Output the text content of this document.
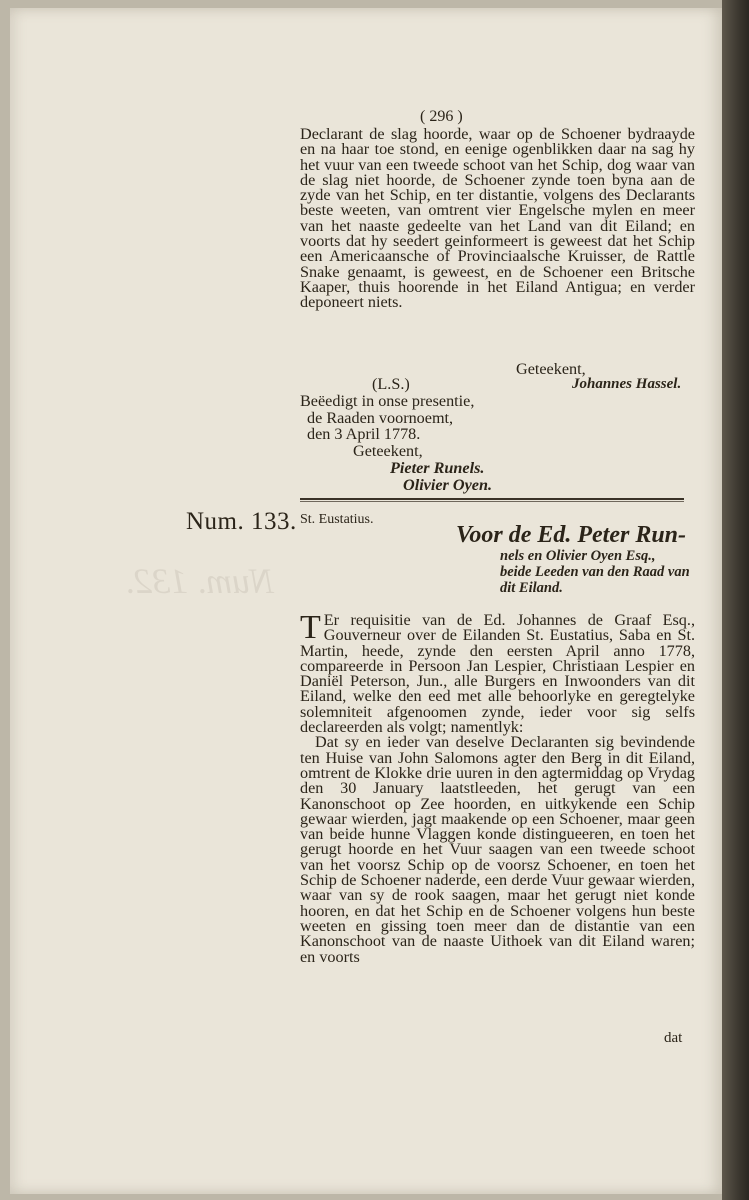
Num. 132.
( 296 )

Declarant de slag hoorde, waar op de Schoener bydraayde en na haar toe stond, en eenige ogenblikken daar na sag hy het vuur van een tweede schoot van het Schip, dog waar van de slag niet hoorde, de Schoener zynde toen byna aan de zyde van het Schip, en ter distantie, volgens des Declarants beste weeten, van omtrent vier Engelsche mylen en meer van het naaste gedeelte van het Land van dit Eiland; en voorts dat hy seedert geinformeert is geweest dat het Schip een Americaansche of Provinciaalsche Kruisser, de Rattle Snake genaamt, is geweest, en de Schoener een Britsche Kaaper, thuis hoorende in het Eiland Antigua; en verder deponeert niets.

Geteekent,
(L.S.)
Beëedigt in onse presentie,
de Raaden voornoemt,
den 3 April 1778.
Geteekent,
Pieter Runels.
Olivier Oyen.
Johannes Hassel.
Num. 133. St. Eustatius.
Voor de Ed. Peter Run-
nels en Olivier Oyen Esq.,
beide Leeden van den Raad van
dit Eiland.

T Er requisitie van de Ed. Johannes de Graaf Esq., Gouverneur over de Eilanden St. Eustatius, Saba en St. Martin, heede, zynde den eersten April anno 1778, compareerde in Persoon Jan Lespier, Christiaan Lespier en Daniël Peterson, Jun., alle Burgers en Inwoonders van dit Eiland, welke den eed met alle behoorlyke en geregtelyke solemniteit afgenoomen zynde, ieder voor sig selfs declareerden als volgt; namentlyk:

Dat sy en ieder van deselve Declaranten sig bevindende ten Huise van John Salomons agter den Berg in dit Eiland, omtrent de Klokke drie uuren in den agtermiddag op Vrydag den 30 January laatstleeden, het gerugt van een Kanonschoot op Zee hoorden, en uitkykende een Schip gewaar wierden, jagt maakende op een Schoener, maar geen van beide hunne Vlaggen konde distingueeren, en toen het gerugt hoorde en het Vuur saagen van een tweede schoot van het voorsz Schip op de voorsz Schoener, en toen het Schip de Schoener naderde, een derde Vuur gewaar wierden, waar van sy de rook saagen, maar het gerugt niet konde hooren, en dat het Schip en de Schoener volgens hun beste weeten en gissing toen meer dan de distantie van een Kanonschoot van de naaste Uithoek van dit Eiland waren; en voorts

dat
